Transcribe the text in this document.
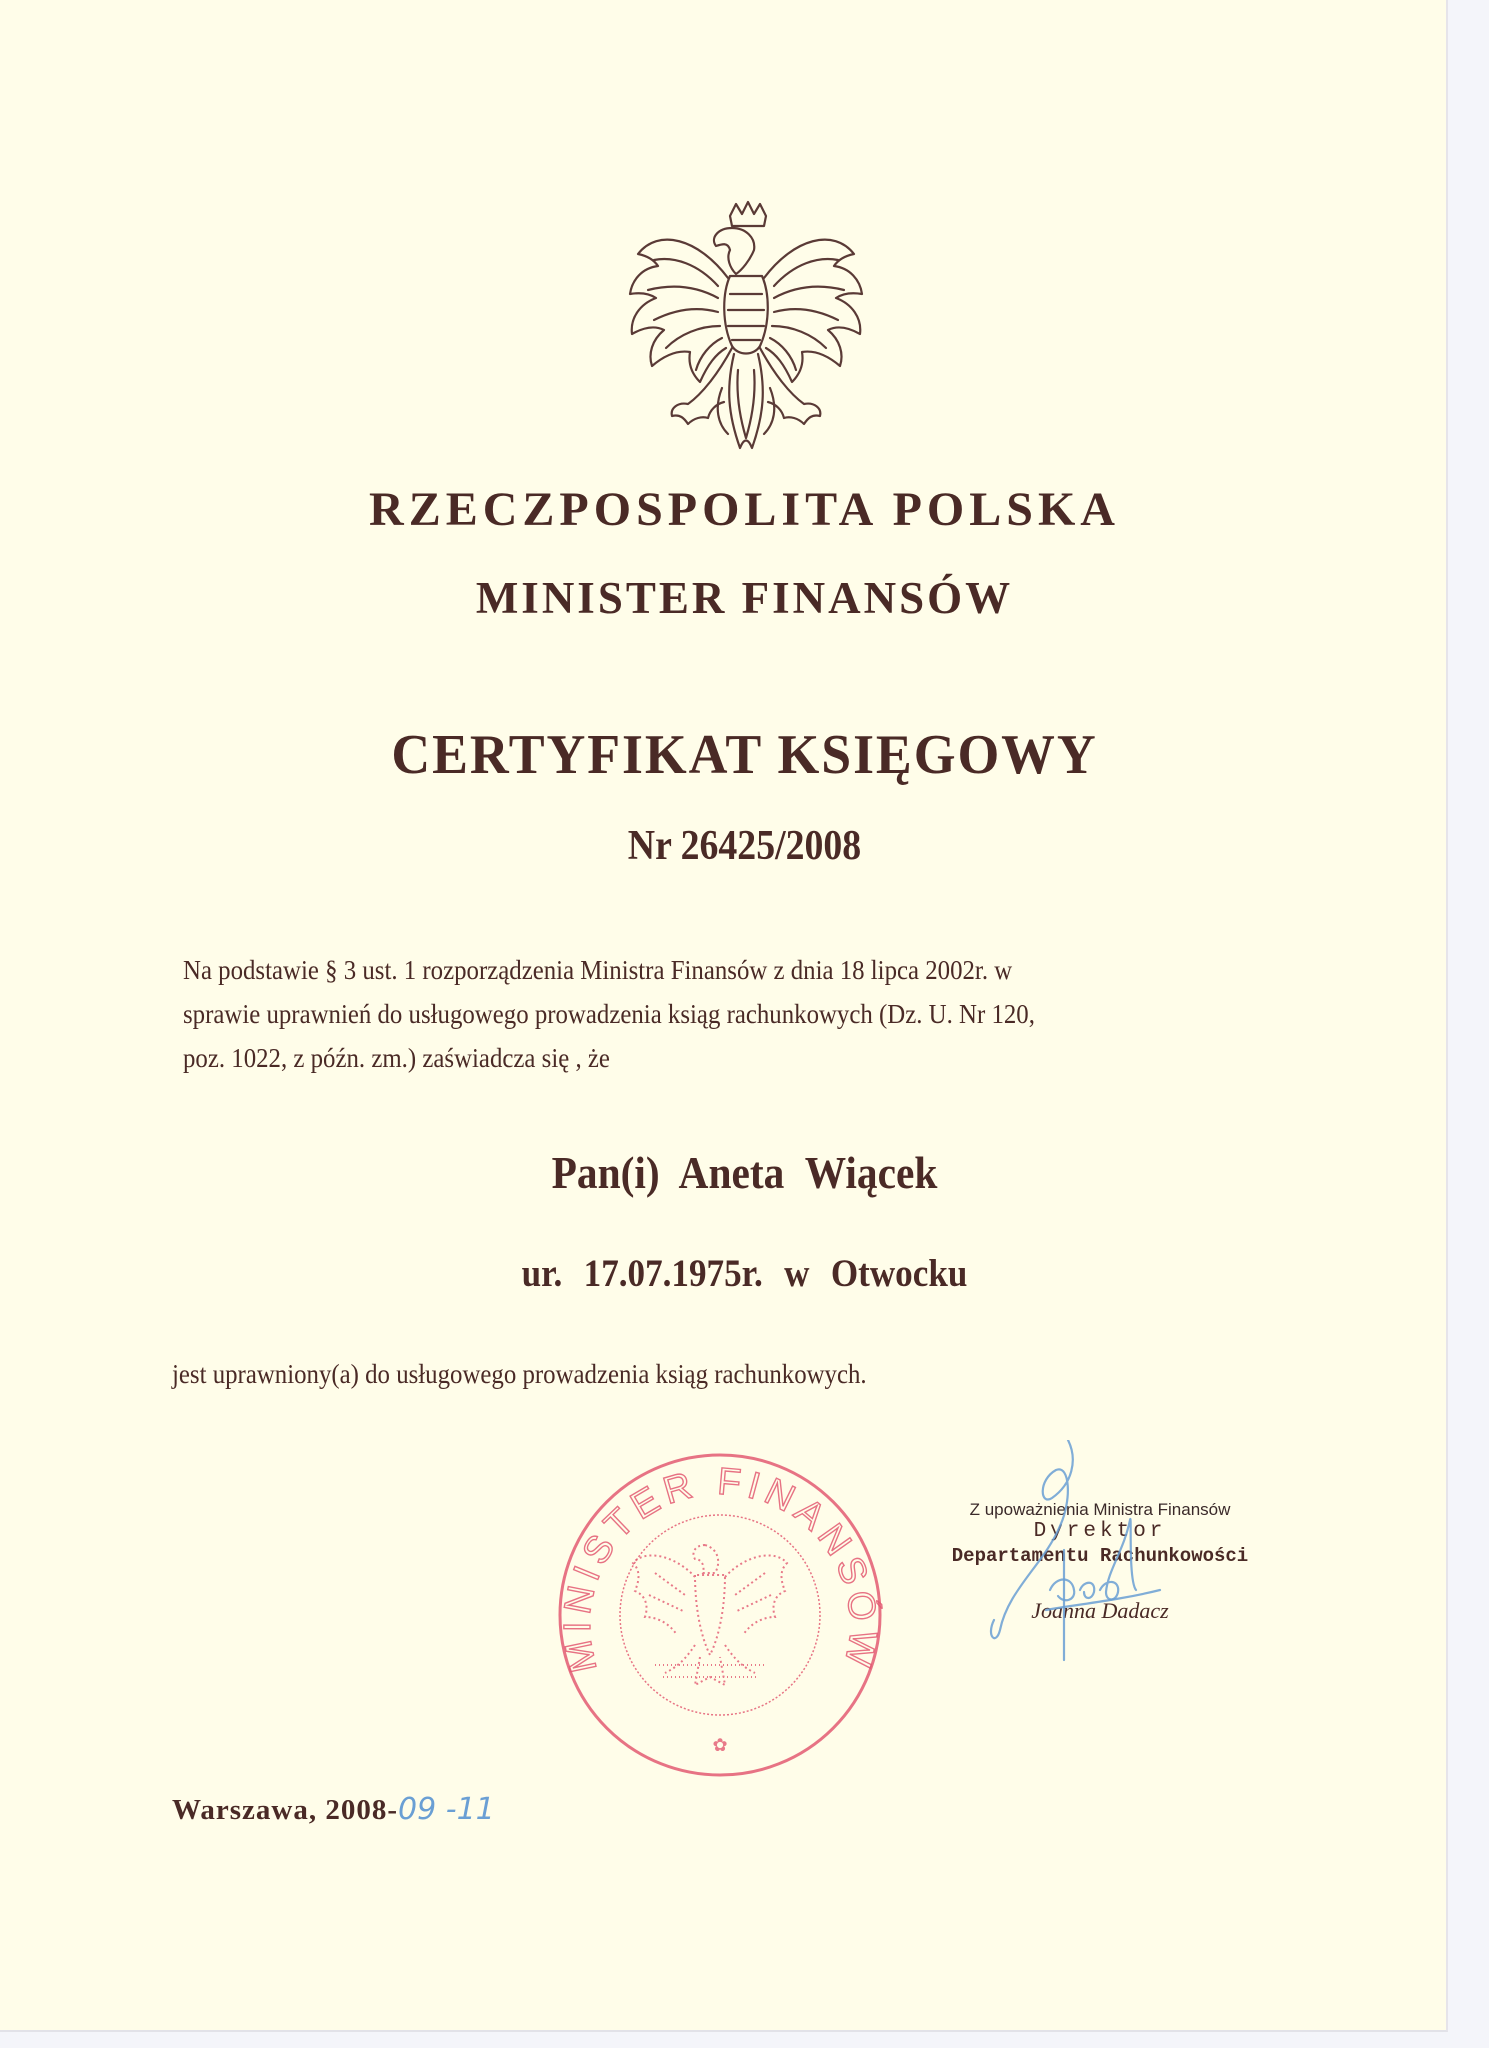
RZECZPOSPOLITA POLSKA
MINISTER FINANSÓW
CERTYFIKAT KSIĘGOWY
Nr 26425/2008
Na podstawie § 3 ust. 1 rozporządzenia Ministra Finansów z dnia 18 lipca 2002r. w
sprawie uprawnień do usługowego prowadzenia ksiąg rachunkowych (Dz. U. Nr 120,
poz. 1022, z późn. zm.) zaświadcza się , że
Pan(i) Aneta Wiącek
ur. 17.07.1975r. w Otwocku
jest uprawniony(a) do usługowego prowadzenia ksiąg rachunkowych.
MINISTER FINANSÓW
✿
Z upoważnienia Ministra Finansów
Dyrektor
Departamentu Rachunkowości
Joanna Dadacz
Warszawa, 2008-09 -11
